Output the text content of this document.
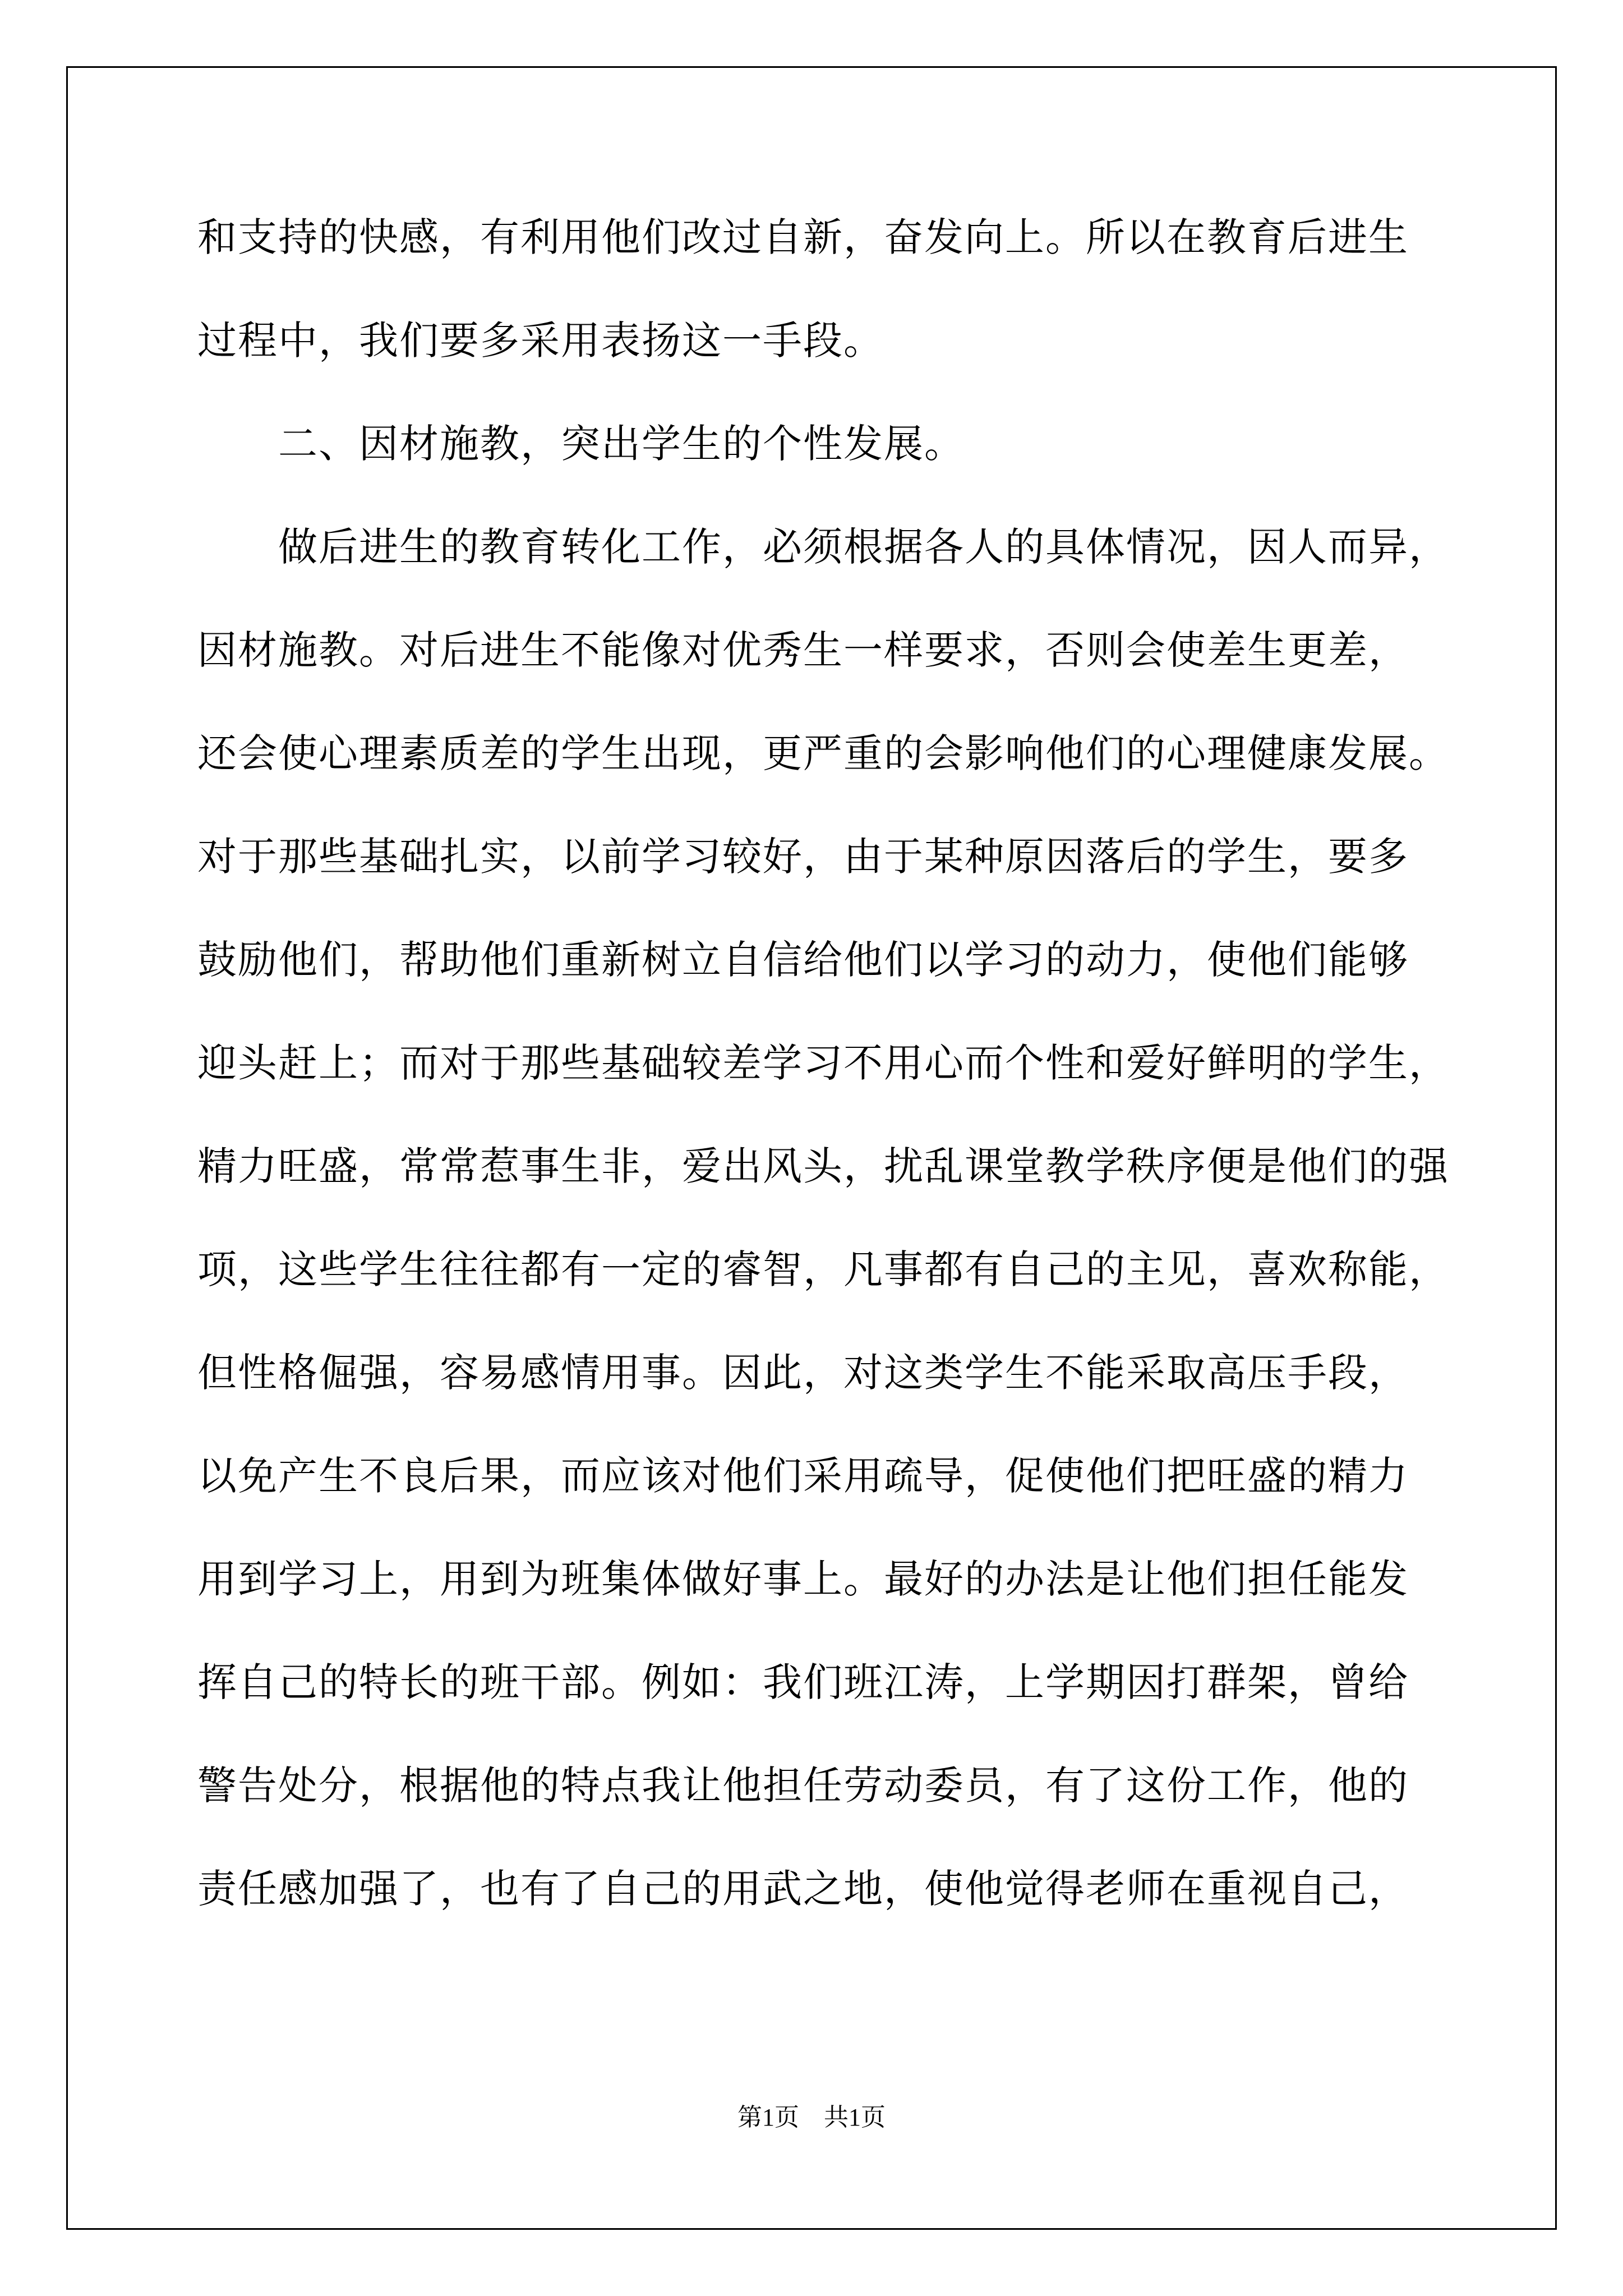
和支持的快感，有利用他们改过自新，奋发向上。所以在教育后进生
过程中，我们要多采用表扬这一手段。
　　二、因材施教，突出学生的个性发展。
　　做后进生的教育转化工作，必须根据各人的具体情况，因人而异，
因材施教。对后进生不能像对优秀生一样要求，否则会使差生更差，
还会使心理素质差的学生出现，更严重的会影响他们的心理健康发展。
对于那些基础扎实，以前学习较好，由于某种原因落后的学生，要多
鼓励他们，帮助他们重新树立自信给他们以学习的动力，使他们能够
迎头赶上；而对于那些基础较差学习不用心而个性和爱好鲜明的学生，
精力旺盛，常常惹事生非，爱出风头，扰乱课堂教学秩序便是他们的强
项，这些学生往往都有一定的睿智，凡事都有自己的主见，喜欢称能，
但性格倔强，容易感情用事。因此，对这类学生不能采取高压手段，
以免产生不良后果，而应该对他们采用疏导，促使他们把旺盛的精力
用到学习上，用到为班集体做好事上。最好的办法是让他们担任能发
挥自己的特长的班干部。例如：我们班江涛，上学期因打群架，曾给
警告处分，根据他的特点我让他担任劳动委员，有了这份工作，他的
责任感加强了，也有了自己的用武之地，使他觉得老师在重视自己，
第1页　共1页
